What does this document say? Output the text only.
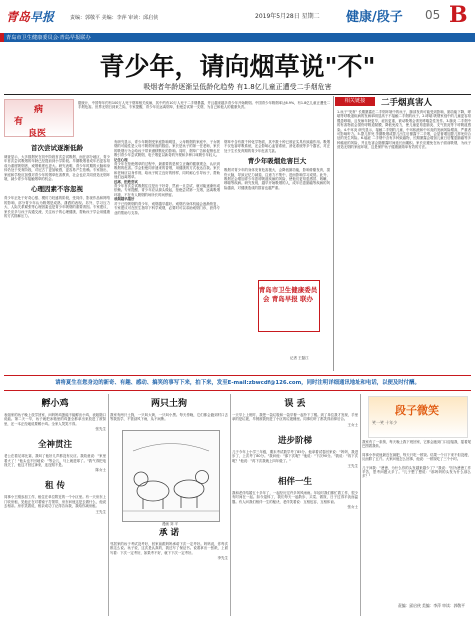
青岛早报	责编：郭敬平 美编：李萍 审读：邱启侠	2019年5月28日 星期二 健康/段子 05 B
青岛市卫生健康委员会·青岛早报联办
青少年，请向烟草说"不"
吸烟者年龄逐渐呈低龄化趋势 有1.8亿儿童正遭受二手烟危害
病
有
良医
据统计，中国每年约有100万人死于烟草相关疾病，其中约有10万人死于二手烟暴露，并且越来越多青少年开始吸烟。中国青少年吸烟率达6.9%，有1.8亿儿童正遭受二手烟危害。世界无烟日到来之际，专家提醒，青少年应远离烟草，拒绝尝试第一支烟，为自己和他人的健康负责。
相关链接	二手烟真害人
1.孩子"发育" 长期暴露在二手烟环境中的孩子，肺部发育可能受到影响，肺功能下降，哮喘等呼吸道疾病的发病率明显高于不接触二手烟的孩子。2.哮喘 吸烟家庭中的儿童更容易罹患哮喘，且发病年龄更早、症状更重，被动吸烟会诱发哮喘急性发作。3.肺炎 二手烟中的有害物质会损伤呼吸道黏膜，降低免疫力，使儿童更易患肺炎、支气管炎等下呼吸道感染。4.中耳炎 研究显示，接触二手烟的儿童，中耳积液和中耳炎的发病风险增高，严重者可影响听力。5.婴儿猝死 孕期吸烟或婴儿出生后暴露于二手烟，会显著增加婴儿猝死综合征的发生风险。6.癌症 二手烟中含有多种致癌物，长期暴露会增加儿童日后罹患肺癌等多种癌症的风险，并且危害会随暴露时间延长而累积。家长应避免在孩子面前吸烟，为孩子营造无烟的家庭环境，这是保护孩子健康最简单有效的方法。
首次尝试逐渐低龄
调查显示，大多数烟民在初中阶段首次尝试吸烟，而在部分地区，青少年首次尝试吸烟的年龄已经提前到小学阶段。早期吸烟者成年后更容易成为重度吸烟者，戒烟难度也更大。研究表明，青少年时期的大脑和身体仍处于发育阶段，对尼古丁更加敏感，更容易产生依赖。专家指出，家庭和学校应加强对青少年的烟草危害教育，社会也应共同营造无烟环境，减少青少年接触烟草的机会。
心理因素不容忽视
青少年正处于好奇心强、模仿力旺盛的阶段，受同伴、影视作品和网络的影响，部分青少年认为吸烟是成熟、潇洒的表现。另外，学习压力大、人际关系紧张等心理因素也是青少年吸烟的重要诱因。专家建议，家长应多与孩子沟通交流，关注孩子的心理健康，帮助孩子学会用健康的方式排解压力。
有研究显示，青少年吸烟受家庭影响明显，父母吸烟的家庭中，子女吸烟的可能性是父母不吸烟家庭的数倍。家长是孩子的第一任老师，家长的吸烟行为会给孩子带来潜移默化的影响。同时，烟草广告和促销也在吸引青少年尝试吸烟，电子烟更以新奇的外观和多种口味吸引年轻人。
记住心理
青少年在拒绝烟草的过程中，最重要的是树立正确的健康观念，认识到吸烟的危害。学会拒绝同伴递来的香烟，用健康的方式表达自我。家长和老师应以身作则，给孩子树立良好的榜样，同时耐心引导孩子，帮助他们远离烟草。
远离、拒绝尝试
青少年首次尝试吸烟往往是出于好奇，然而一旦尝试，就可能逐渐形成依赖。专家提醒，青少年应从源头做起，拒绝尝试第一支烟，远离吸烟环境，不在有人吸烟的场所长时间停留。
戒烟越早越好
对于已经吸烟的青少年，戒烟越早越好。戒烟后身体机能会逐渐恢复，专家建议可在医生指导下科学戒烟，必要时可以求助戒烟门诊，获得专业的帮助与支持。
烟草中含有数千种化学物质，其中数十种已被证实具有致癌作用。吸烟不仅危害呼吸系统，还会影响心血管系统、消化系统等多个器官，对正处于生长发育期的青少年危害尤甚。
青少年吸烟危害巨大
吸烟对青少年的身体发育危害极大，会降低肺功能，影响骨骼发育，损伤大脑，导致记忆力减退、注意力不集中，进而影响学习成绩。此外，吸烟还会增加青少年患呼吸道疾病的风险，使他们更易患感冒、咳嗽、哮喘等疾病。研究发现，越早开始吸烟的人，成年后患肺癌等疾病的风险越高，对健康造成的损害也越严重。
青岛市卫生健康委员会 青岛早报 联办
记者 王磊江
请将夏生在您身边的新奇、有趣、感动、搞笑的事写下来，拍下来，发至E-mail:zbwcdf@126.com，同时注明详细通讯地址和电话，以便及时付酬。
孵小鸡
表姐家的孩子晚上放学回家，问妈妈鸡蛋能不能孵出小鸡，表姐随口说能。第二天一早，孩子就把冰箱里的鸡蛋全都拿出来放进了被窝里，还一本正经地说要孵小鸡。全家人哭笑不得。
张先生
全神贯注
老公在看足球比赛，我叫了他好几声都没有反应。我故意说："家里着火了！"他头也不回地说："等会儿，马上就进球了。"我气得把电视关了，他这才回过神来，连连赔不是。
陈女士
租 传
同事小王刚参加工作，租住在单位附近的一个小区里。有一天房东上门收房租，见他正在对着镜子打领带，房东问他这是去做什么，他说去相亲。房东笑着说，相亲成功了记得告诉我，我给你减房租。
王先生
两只土狗
我家有两只土狗，一只叫大黄，一只叫小黑。每天傍晚，它们都会跑到村口去等我放学，不管刮风下雨，从不间断。
承 诺
邻居家的孩子考试没考好，回家前跟妈妈承诺下次一定考好。妈妈说，你每次都这么说。孩子说，这次是认真的，我还写了保证书。说着拿出一张纸，上面写着：下次一定考好，如果考不好，就下下次一定考好。
李先生
漫画 刘 平
误 丢
一天早上上班时，我把一袋垃圾和一袋早餐一起拎下了楼。到了单位我才发现，手里拿的是垃圾，早餐被我扔进了小区的垃圾桶里。同事们听了都笑得前仰后合。
王女士
进步阶梯
儿子今年上小学三年级，期末考试数学考了85分。他拿着试卷回家说："妈妈，我进步了，上次考了80分。"我问他："那下次呢？"他说："下次90分。"我说："再下次呢？"他说："再下次我就上四年级了。"
王先生
相伴一生
我和老伴结婚五十多年了，一起经历过许多风风雨雨。年轻时我们都忙着工作，很少有时间在一起。如今退休了，我们每天一起散步、买菜、做饭，日子过得平淡而温馨。有人问我们相伴一生的秘诀，老伴笑着说：互相包容，互相体谅。
张女士
段子微笑
笑一笑 十年少
我家有了一条狗，每天晚上我下班回家，它都会跑到门口迎接我，摇着尾巴围着我转。
同事小李说他最近在减肥，每天只吃一顿饭。结果一个月下来不但没瘦，反而胖了五斤。大家问他怎么回事，他说：一顿饭吃了三个小时。
儿子问我："爸爸，为什么你的头发越来越少了？"我说："因为爸爸工作辛苦，思考问题太多了。"儿子想了想说："那妈妈的头发为什么那么多？"
责编：邱启侠 美编：李萍 审读：郭敬平
